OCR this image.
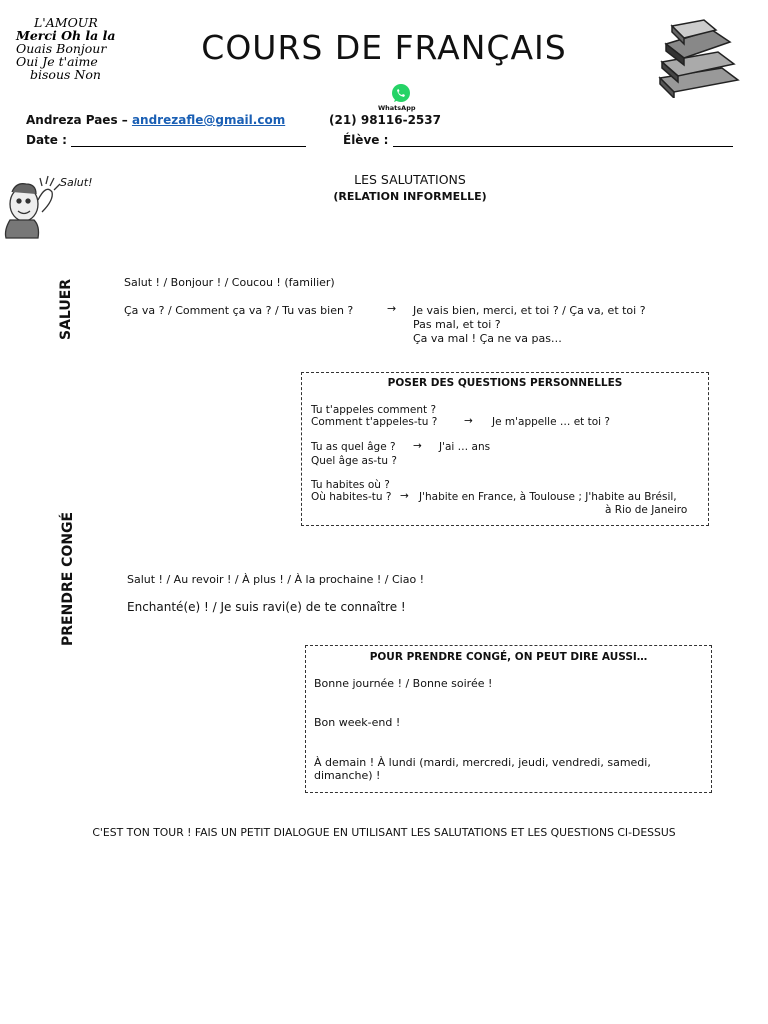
L'AMOUR
Merci Oh la la
Ouais Bonjour
Oui Je t'aime
bisous Non
COURS DE FRANÇAIS
WhatsApp
Andreza Paes – andrezafle@gmail.com	(21) 98116-2537
Date :	Élève :
Salut!	LES SALUTATIONS
(RELATION INFORMELLE)
SALUER	Salut ! / Bonjour ! / Coucou ! (familier)
Ça va ? / Comment ça va ? / Tu vas bien ?	→ Je vais bien, merci, et toi ? / Ça va, et toi ?
Pas mal, et toi ?
Ça va mal ! Ça ne va pas…
POSER DES QUESTIONS PERSONNELLES
Tu t'appeles comment ?
Comment t'appeles-tu ?	→ Je m'appelle … et toi ?
Tu as quel âge ? → J'ai … ans
Quel âge as-tu ?
Tu habites où ?
Où habites-tu ? → J'habite en France, à Toulouse ; J'habite au Brésil,
à Rio de Janeiro
PRENDRE CONGÉ	Salut ! / Au revoir ! / À plus ! / À la prochaine ! / Ciao !
Enchanté(e) ! / Je suis ravi(e) de te connaître !
POUR PRENDRE CONGÉ, ON PEUT DIRE AUSSI…
Bonne journée ! / Bonne soirée !
Bon week-end !
À demain ! À lundi (mardi, mercredi, jeudi, vendredi, samedi,
dimanche) !
C'EST TON TOUR ! FAIS UN PETIT DIALOGUE EN UTILISANT LES SALUTATIONS ET LES QUESTIONS CI-DESSUS
